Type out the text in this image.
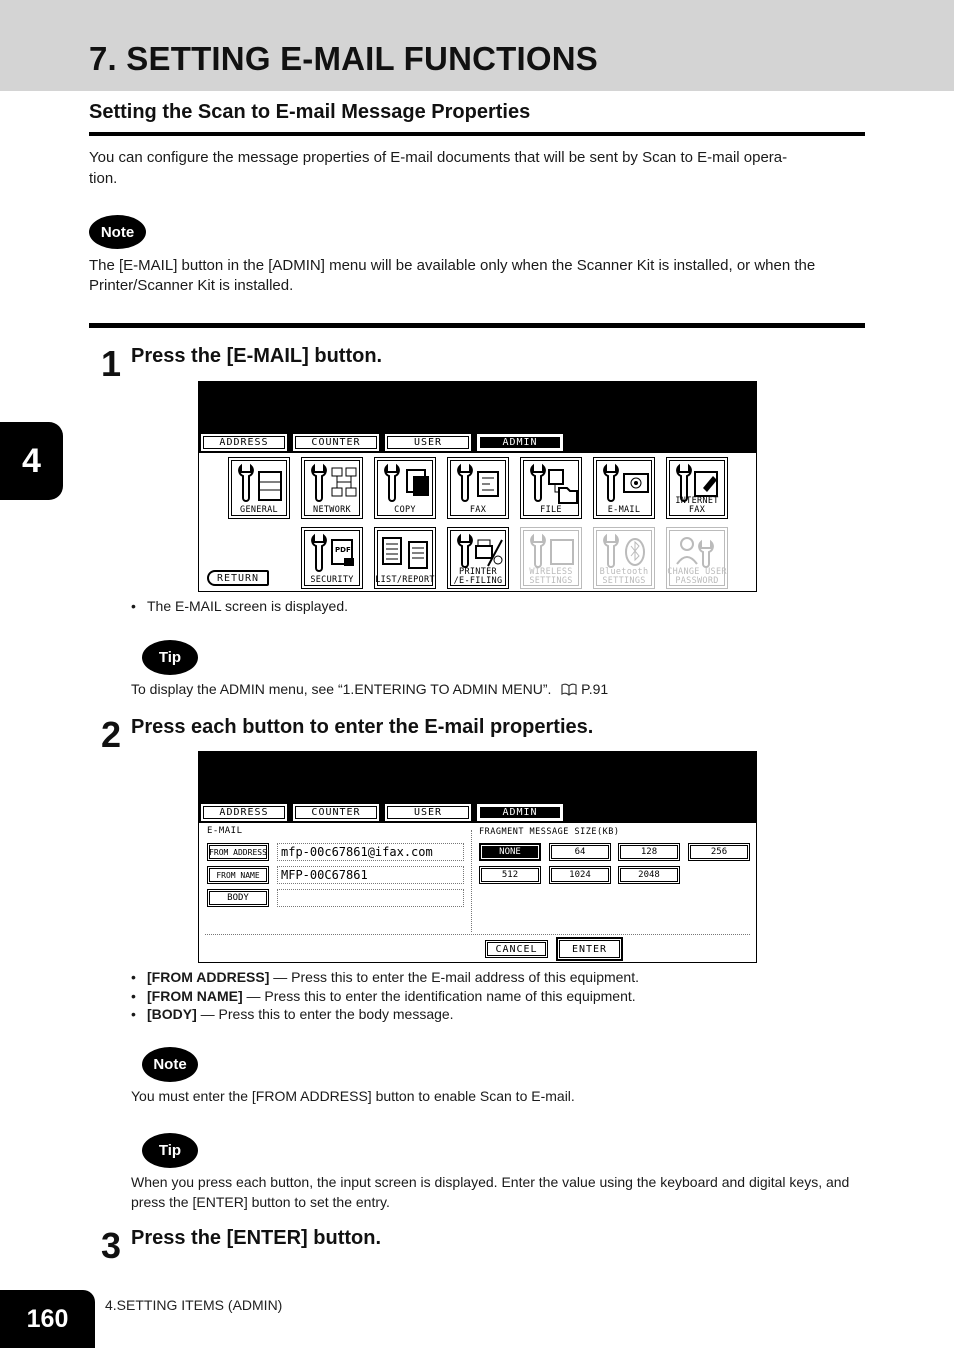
7. SETTING E-MAIL FUNCTIONS
Setting the Scan to E-mail Message Properties
You can configure the message properties of E-mail documents that will be sent by Scan to E-mail opera-
tion.
Note
The [E-MAIL] button in the [ADMIN] menu will be available only when the Scanner Kit is installed, or when the Printer/Scanner Kit is installed.
4
1 Press the [E-MAIL] button.
ADDRESS	COUNTER	USER	ADMIN
GENERAL	NETWORK	COPY	FAX	FILE	E-MAIL
INTERNET FAX
RETURN
PDF
SECURITY	LIST/REPORT
PRINTER
/E-FILING
WIRELESS
SETTINGS
Bluetooth
SETTINGS
CHANGE USER
PASSWORD
• The E-MAIL screen is displayed.
Tip
To display the ADMIN menu, see “1.ENTERING TO ADMIN MENU”. P.91
2 Press each button to enter the E-mail properties.
ADDRESS	COUNTER	USER	ADMIN
E-MAIL
FROM ADDRESS	mfp-00c67861@ifax.com
FROM NAME	MFP-00C67861
BODY
FRAGMENT MESSAGE SIZE(KB)
NONE	64	128	256
512	1024	2048
CANCEL	ENTER
• [FROM ADDRESS] — Press this to enter the E-mail address of this equipment.
• [FROM NAME] — Press this to enter the identification name of this equipment.
• [BODY] — Press this to enter the body message.
Note
You must enter the [FROM ADDRESS] button to enable Scan to E-mail.
Tip
When you press each button, the input screen is displayed. Enter the value using the keyboard and digital keys, and press the [ENTER] button to set the entry.
3 Press the [ENTER] button.
160	4.SETTING ITEMS (ADMIN)
